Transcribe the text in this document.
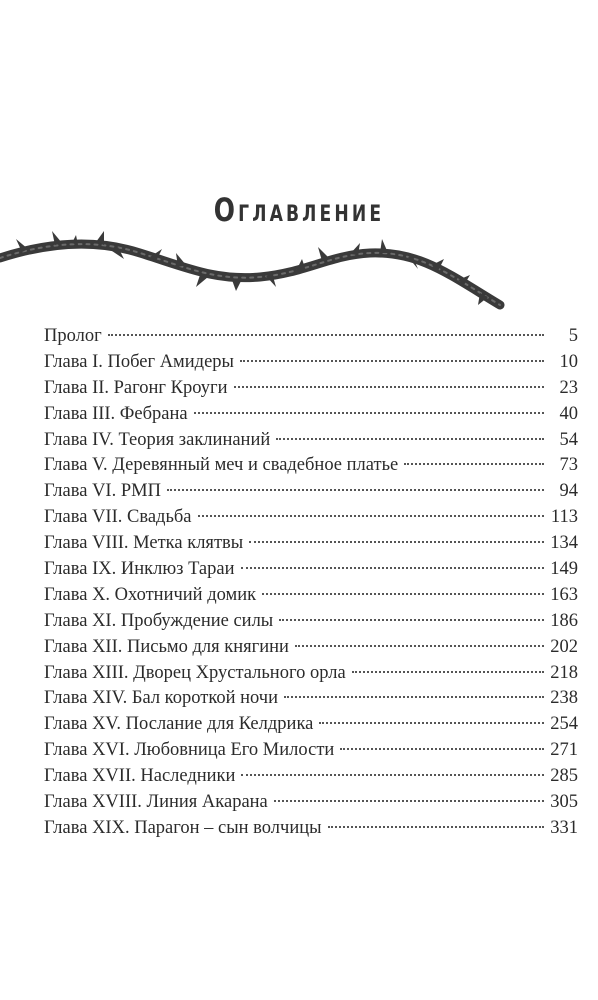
Оглавление
Пролог	5
Глава I. Побег Амидеры	10
Глава II. Рагонг Кроуги	23
Глава III. Фебрана	40
Глава IV. Теория заклинаний	54
Глава V. Деревянный меч и свадебное платье	73
Глава VI. РМП	94
Глава VII. Свадьба	113
Глава VIII. Метка клятвы	134
Глава IX. Инклюз Тараи	149
Глава X. Охотничий домик	163
Глава XI. Пробуждение силы	186
Глава XII. Письмо для княгини	202
Глава XIII. Дворец Хрустального орла	218
Глава XIV. Бал короткой ночи	238
Глава XV. Послание для Келдрика	254
Глава XVI. Любовница Его Милости	271
Глава XVII. Наследники	285
Глава XVIII. Линия Акарана	305
Глава XIX. Парагон – сын волчицы	331
